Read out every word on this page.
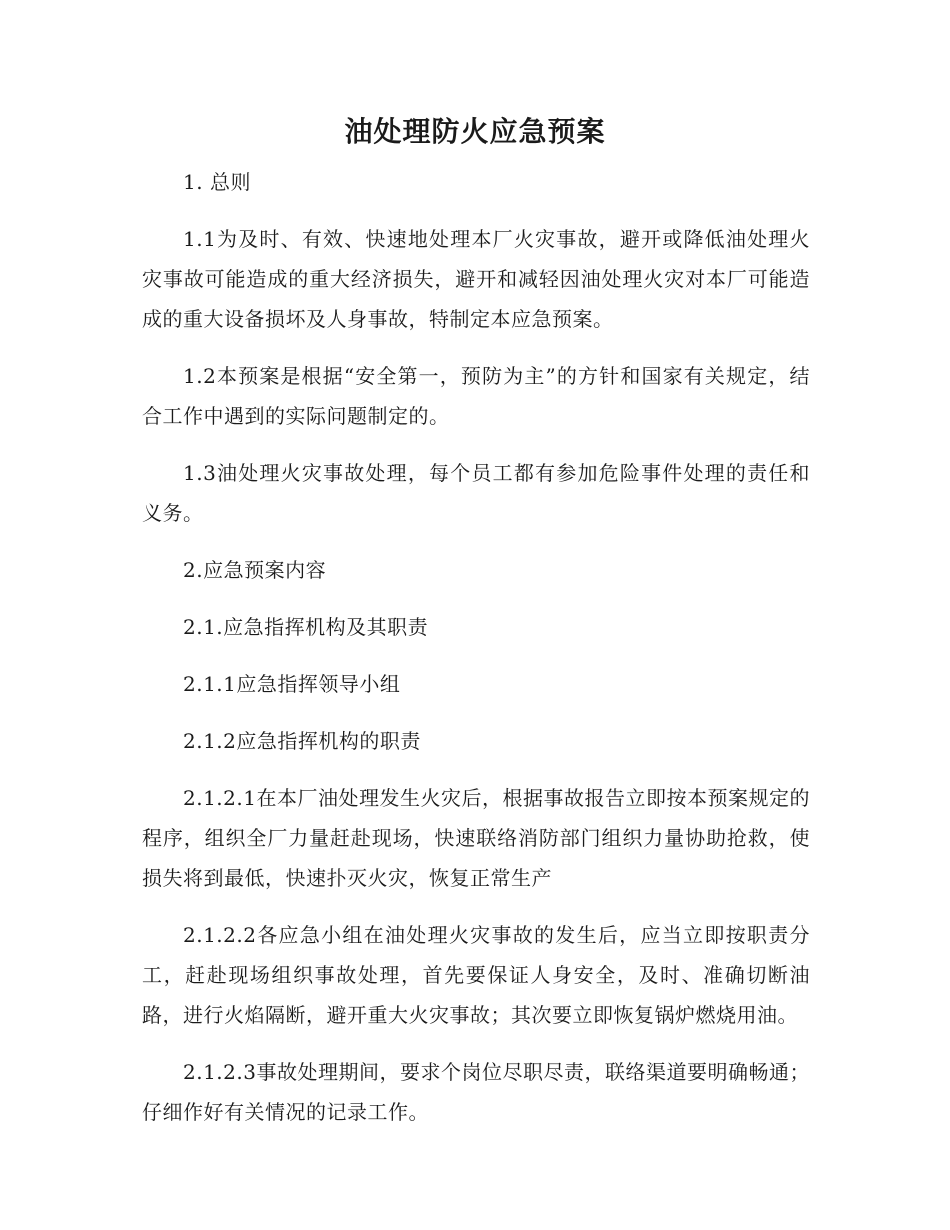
油处理防火应急预案

1. 总则

1.1为及时、有效、快速地处理本厂火灾事故，避开或降低油处理火灾事故可能造成的重大经济损失，避开和减轻因油处理火灾对本厂可能造成的重大设备损坏及人身事故，特制定本应急预案。

1.2本预案是根据“安全第一，预防为主”的方针和国家有关规定，结合工作中遇到的实际问题制定的。

1.3油处理火灾事故处理，每个员工都有参加危险事件处理的责任和义务。

2.应急预案内容

2.1.应急指挥机构及其职责

2.1.1应急指挥领导小组

2.1.2应急指挥机构的职责

2.1.2.1在本厂油处理发生火灾后，根据事故报告立即按本预案规定的程序，组织全厂力量赶赴现场，快速联络消防部门组织力量协助抢救，使损失将到最低，快速扑灭火灾，恢复正常生产

2.1.2.2各应急小组在油处理火灾事故的发生后，应当立即按职责分工，赶赴现场组织事故处理，首先要保证人身安全，及时、准确切断油路，进行火焰隔断，避开重大火灾事故；其次要立即恢复锅炉燃烧用油。

2.1.2.3事故处理期间，要求个岗位尽职尽责，联络渠道要明确畅通；仔细作好有关情况的记录工作。
